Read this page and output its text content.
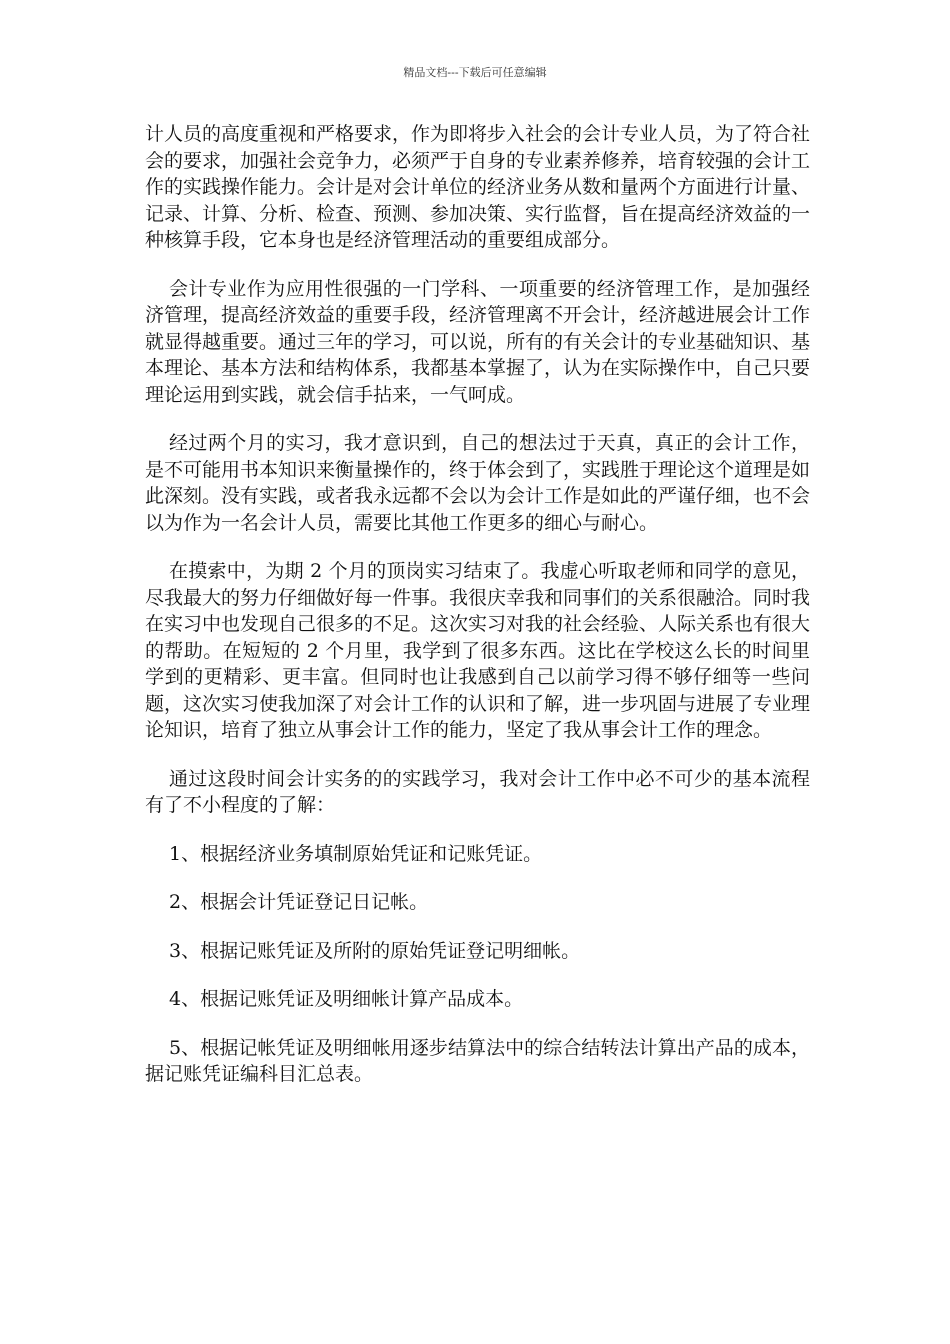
精品文档---下载后可任意编辑

计人员的高度重视和严格要求，作为即将步入社会的会计专业人员，为了符合社会的要求，加强社会竞争力，必须严于自身的专业素养修养，培育较强的会计工作的实践操作能力。会计是对会计单位的经济业务从数和量两个方面进行计量、记录、计算、分析、检查、预测、参加决策、实行监督，旨在提高经济效益的一种核算手段，它本身也是经济管理活动的重要组成部分。

会计专业作为应用性很强的一门学科、一项重要的经济管理工作，是加强经济管理，提高经济效益的重要手段，经济管理离不开会计，经济越进展会计工作就显得越重要。通过三年的学习，可以说，所有的有关会计的专业基础知识、基本理论、基本方法和结构体系，我都基本掌握了，认为在实际操作中，自己只要理论运用到实践，就会信手拈来，一气呵成。

经过两个月的实习，我才意识到，自己的想法过于天真，真正的会计工作，是不可能用书本知识来衡量操作的，终于体会到了，实践胜于理论这个道理是如此深刻。没有实践，或者我永远都不会以为会计工作是如此的严谨仔细，也不会以为作为一名会计人员，需要比其他工作更多的细心与耐心。

在摸索中，为期 2 个月的顶岗实习结束了。我虚心听取老师和同学的意见，尽我最大的努力仔细做好每一件事。我很庆幸我和同事们的关系很融洽。同时我在实习中也发现自己很多的不足。这次实习对我的社会经验、人际关系也有很大的帮助。在短短的 2 个月里，我学到了很多东西。这比在学校这么长的时间里学到的更精彩、更丰富。但同时也让我感到自己以前学习得不够仔细等一些问题，这次实习使我加深了对会计工作的认识和了解，进一步巩固与进展了专业理论知识，培育了独立从事会计工作的能力，坚定了我从事会计工作的理念。

通过这段时间会计实务的的实践学习，我对会计工作中必不可少的基本流程有了不小程度的了解：

1、根据经济业务填制原始凭证和记账凭证。

2、根据会计凭证登记日记帐。

3、根据记账凭证及所附的原始凭证登记明细帐。

4、根据记账凭证及明细帐计算产品成本。

5、根据记帐凭证及明细帐用逐步结算法中的综合结转法计算出产品的成本，据记账凭证编科目汇总表。
